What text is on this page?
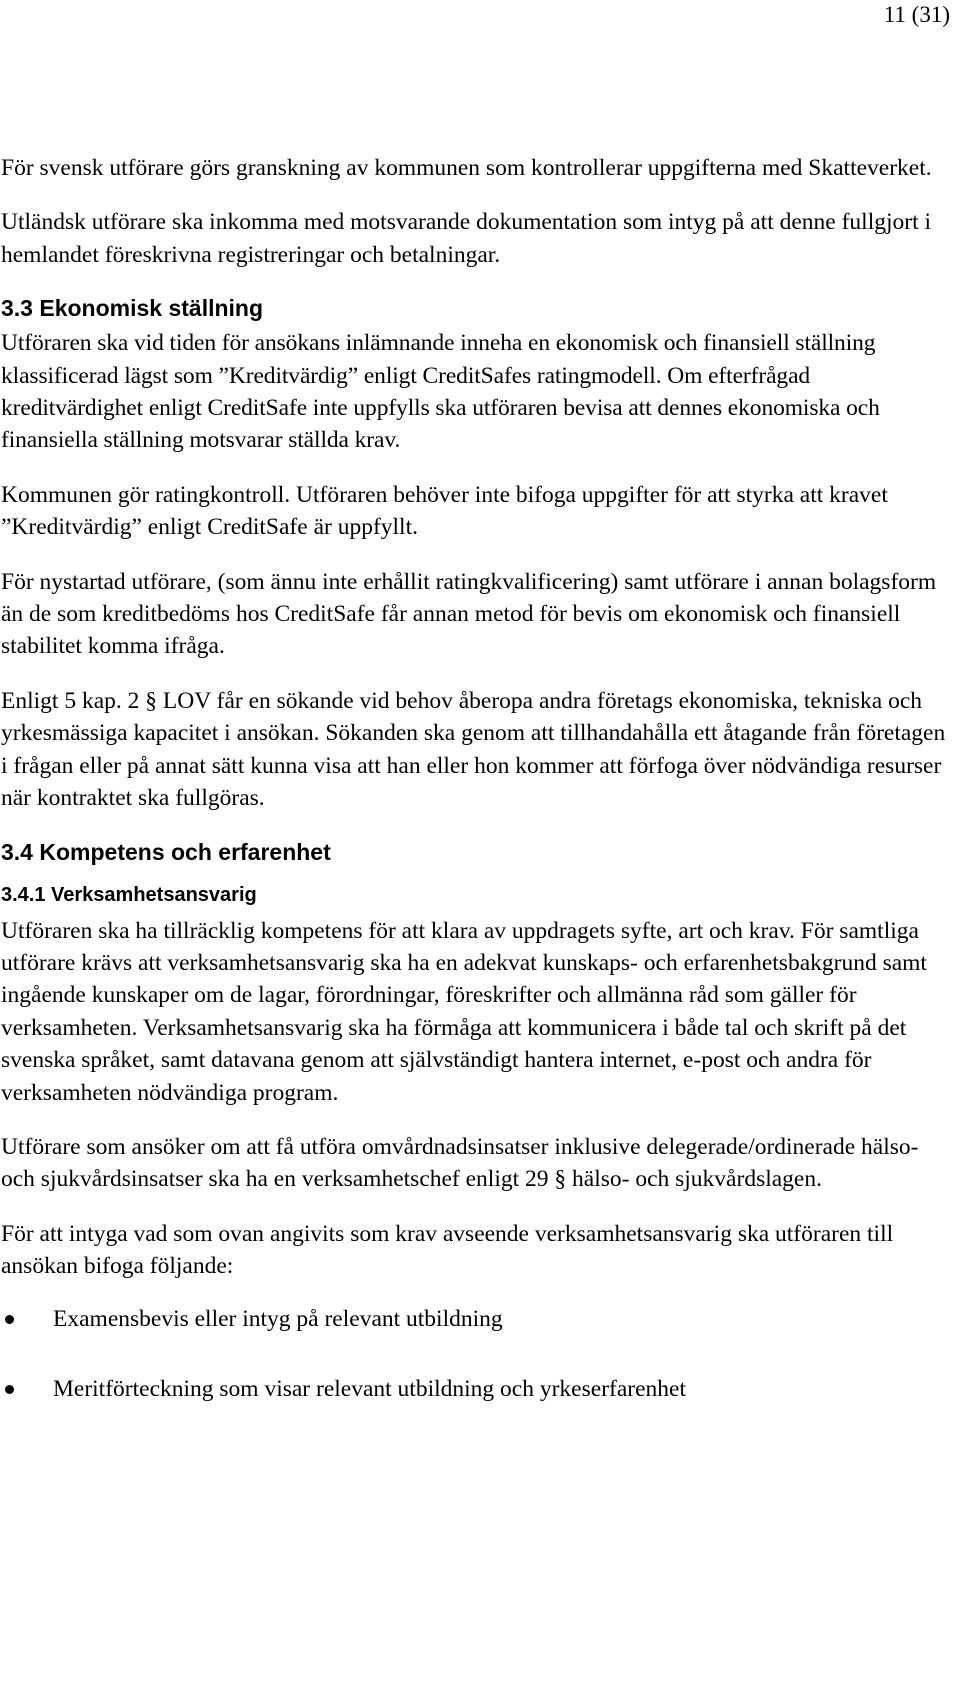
11 (31)

För svensk utförare görs granskning av kommunen som kontrollerar uppgifterna med Skatteverket.

Utländsk utförare ska inkomma med motsvarande dokumentation som intyg på att denne fullgjort i hemlandet föreskrivna registreringar och betalningar.

3.3 Ekonomisk ställning

Utföraren ska vid tiden för ansökans inlämnande inneha en ekonomisk och finansiell ställning klassificerad lägst som ”Kreditvärdig” enligt CreditSafes ratingmodell. Om efterfrågad kreditvärdighet enligt CreditSafe inte uppfylls ska utföraren bevisa att dennes ekonomiska och finansiella ställning motsvarar ställda krav.

Kommunen gör ratingkontroll. Utföraren behöver inte bifoga uppgifter för att styrka att kravet ”Kreditvärdig” enligt CreditSafe är uppfyllt.

För nystartad utförare, (som ännu inte erhållit ratingkvalificering) samt utförare i annan bolagsform än de som kreditbedöms hos CreditSafe får annan metod för bevis om ekonomisk och finansiell stabilitet komma ifråga.

Enligt 5 kap. 2 § LOV får en sökande vid behov åberopa andra företags ekonomiska, tekniska och yrkesmässiga kapacitet i ansökan. Sökanden ska genom att tillhandahålla ett åtagande från företagen i frågan eller på annat sätt kunna visa att han eller hon kommer att förfoga över nödvändiga resurser när kontraktet ska fullgöras.

3.4 Kompetens och erfarenhet
3.4.1 Verksamhetsansvarig

Utföraren ska ha tillräcklig kompetens för att klara av uppdragets syfte, art och krav. För samtliga utförare krävs att verksamhetsansvarig ska ha en adekvat kunskaps- och erfarenhetsbakgrund samt ingående kunskaper om de lagar, förordningar, föreskrifter och allmänna råd som gäller för verksamheten. Verksamhetsansvarig ska ha förmåga att kommunicera i både tal och skrift på det svenska språket, samt datavana genom att självständigt hantera internet, e-post och andra för verksamheten nödvändiga program.

Utförare som ansöker om att få utföra omvårdnadsinsatser inklusive delegerade/ordinerade hälso- och sjukvårdsinsatser ska ha en verksamhetschef enligt 29 § hälso- och sjukvårdslagen.

För att intyga vad som ovan angivits som krav avseende verksamhetsansvarig ska utföraren till ansökan bifoga följande:

Examensbevis eller intyg på relevant utbildning
Meritförteckning som visar relevant utbildning och yrkeserfarenhet
